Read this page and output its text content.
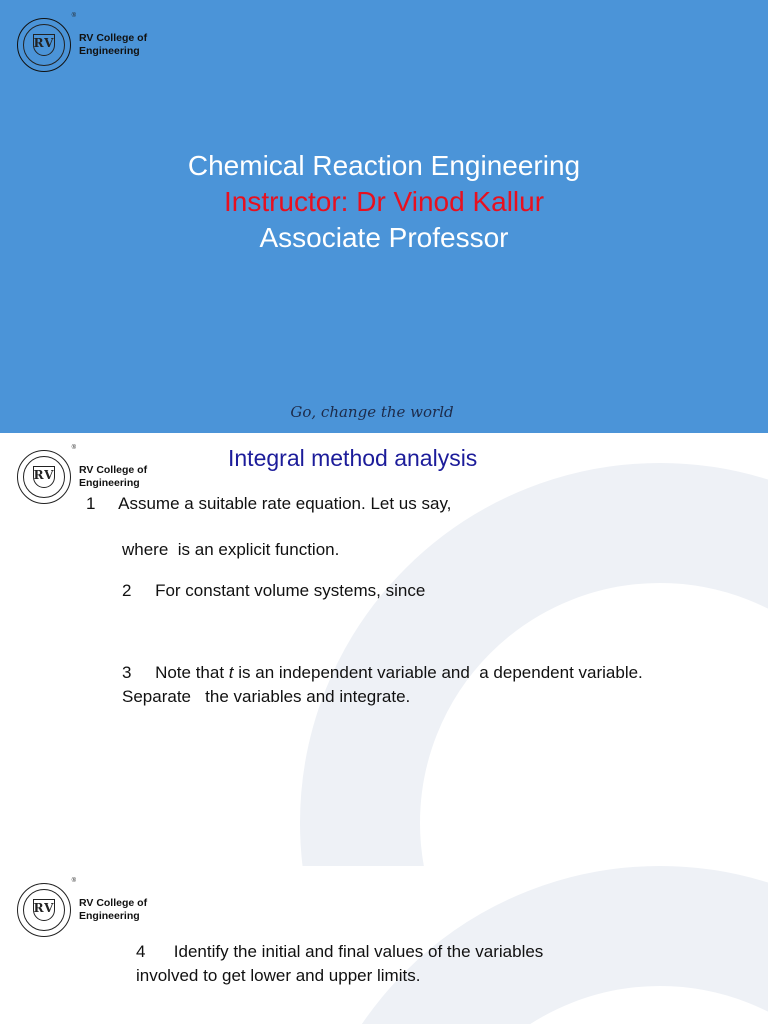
RV
®
RV College of
Engineering
Chemical Reaction Engineering
Instructor: Dr Vinod Kallur
Associate Professor
Go, change the world
RV
®
RV College of
Engineering
Integral method analysis
1     Assume a suitable rate equation. Let us say,
where  is an explicit function.
2     For constant volume systems, since
3     Note that t is an independent variable and  a dependent variable.
Separate   the variables and integrate.
RV
®
RV College of
Engineering
4      Identify the initial and final values of the variables
involved to get lower and upper limits.
